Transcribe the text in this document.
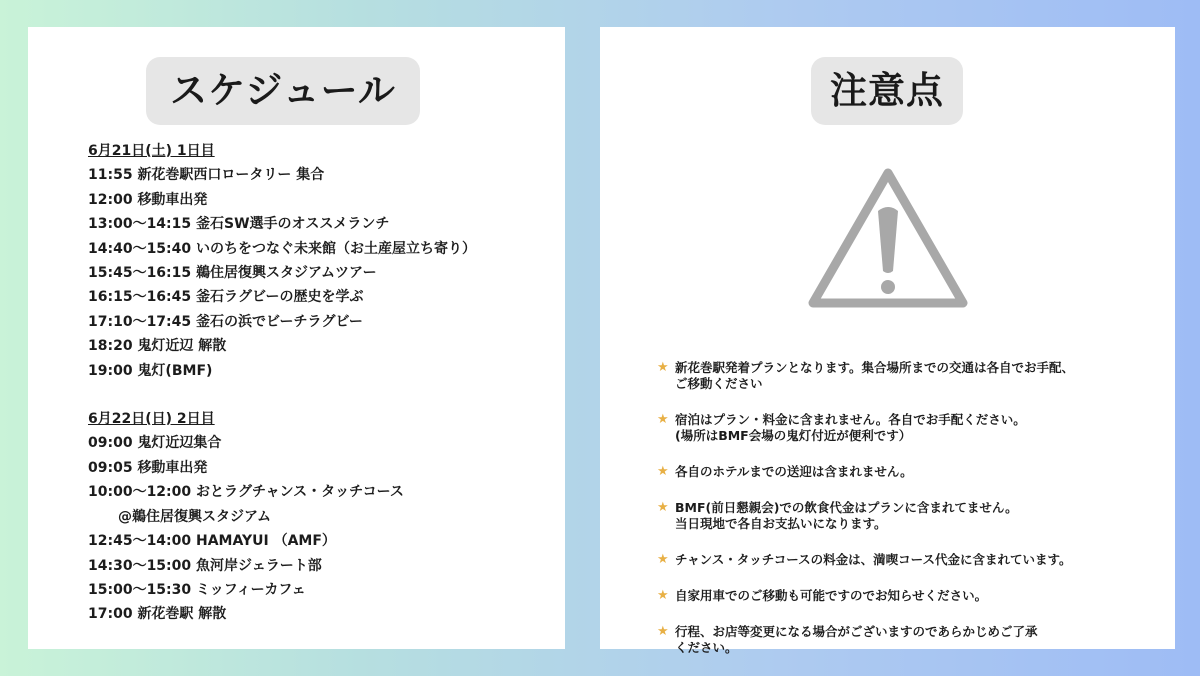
スケジュール
6月21日(土) 1日目
11:55 新花巻駅西口ロータリー 集合
12:00 移動車出発
13:00〜14:15 釜石SW選手のオススメランチ
14:40〜15:40 いのちをつなぐ未来館（お土産屋立ち寄り）
15:45〜16:15 鵜住居復興スタジアムツアー
16:15〜16:45 釜石ラグビーの歴史を学ぶ
17:10〜17:45 釜石の浜でビーチラグビー
18:20 鬼灯近辺 解散
19:00 鬼灯(BMF)
6月22日(日) 2日目
09:00 鬼灯近辺集合
09:05 移動車出発
10:00〜12:00 おとラグチャンス・タッチコース
@鵜住居復興スタジアム
12:45〜14:00 HAMAYUI （AMF）
14:30〜15:00 魚河岸ジェラート部
15:00〜15:30 ミッフィーカフェ
17:00 新花巻駅 解散
注意点
★ 新花巻駅発着プランとなります。集合場所までの交通は各自でお手配、
ご移動ください
★ 宿泊はプラン・料金に含まれません。各自でお手配ください。
(場所はBMF会場の鬼灯付近が便利です）
★ 各自のホテルまでの送迎は含まれません。
★ BMF(前日懇親会)での飲食代金はプランに含まれてません。
当日現地で各自お支払いになります。
★ チャンス・タッチコースの料金は、満喫コース代金に含まれています。
★ 自家用車でのご移動も可能ですのでお知らせください。
★ 行程、お店等変更になる場合がございますのであらかじめご了承
ください。
